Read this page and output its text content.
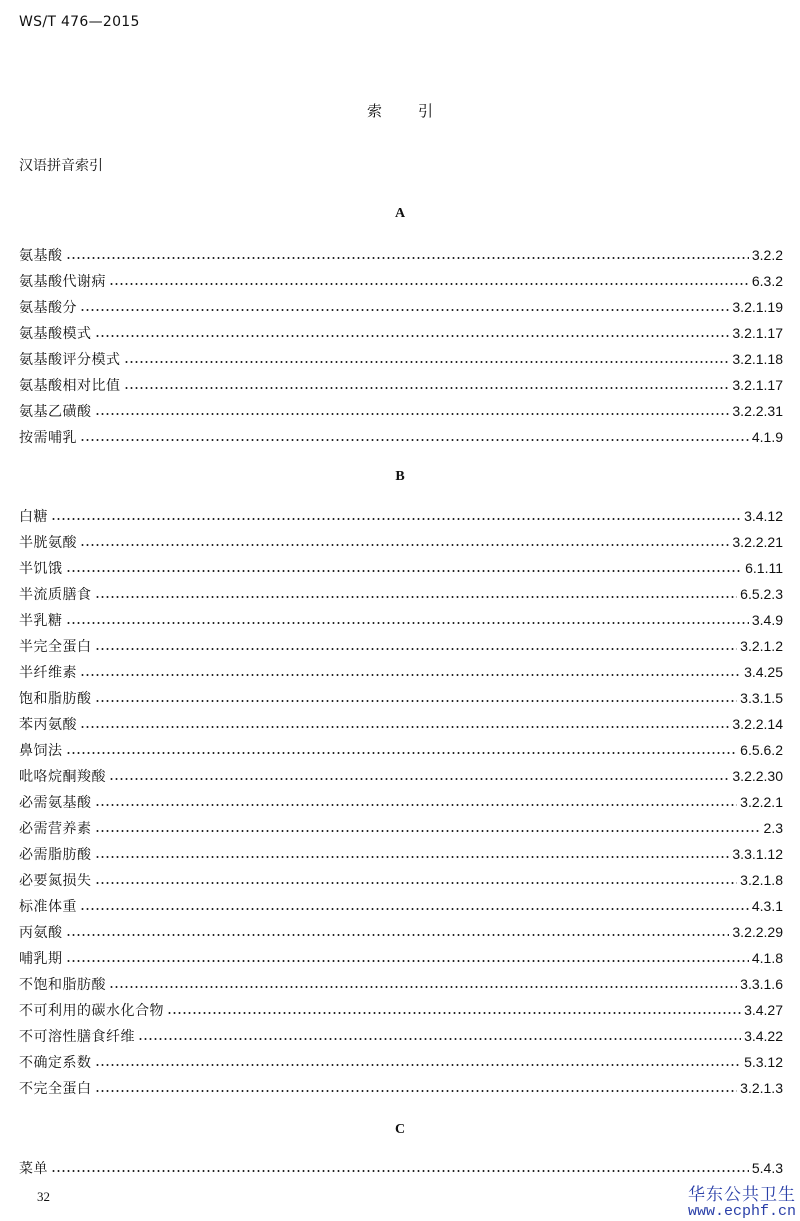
WS/T 476—2015
索 引
汉语拼音索引
A
氨基酸	3.2.2
氨基酸代谢病	6.3.2
氨基酸分	3.2.1.19
氨基酸模式	3.2.1.17
氨基酸评分模式	3.2.1.18
氨基酸相对比值	3.2.1.17
氨基乙磺酸	3.2.2.31
按需哺乳	4.1.9
B
白糖	3.4.12
半胱氨酸	3.2.2.21
半饥饿	6.1.11
半流质膳食	6.5.2.3
半乳糖	3.4.9
半完全蛋白	3.2.1.2
半纤维素	3.4.25
饱和脂肪酸	3.3.1.5
苯丙氨酸	3.2.2.14
鼻饲法	6.5.6.2
吡咯烷酮羧酸	3.2.2.30
必需氨基酸	3.2.2.1
必需营养素	2.3
必需脂肪酸	3.3.1.12
必要氮损失	3.2.1.8
标准体重	4.3.1
丙氨酸	3.2.2.29
哺乳期	4.1.8
不饱和脂肪酸	3.3.1.6
不可利用的碳水化合物	3.4.27
不可溶性膳食纤维	3.4.22
不确定系数	5.3.12
不完全蛋白	3.2.1.3
C
菜单	5.4.3
32	华东公共卫生
www.ecphf.cn
